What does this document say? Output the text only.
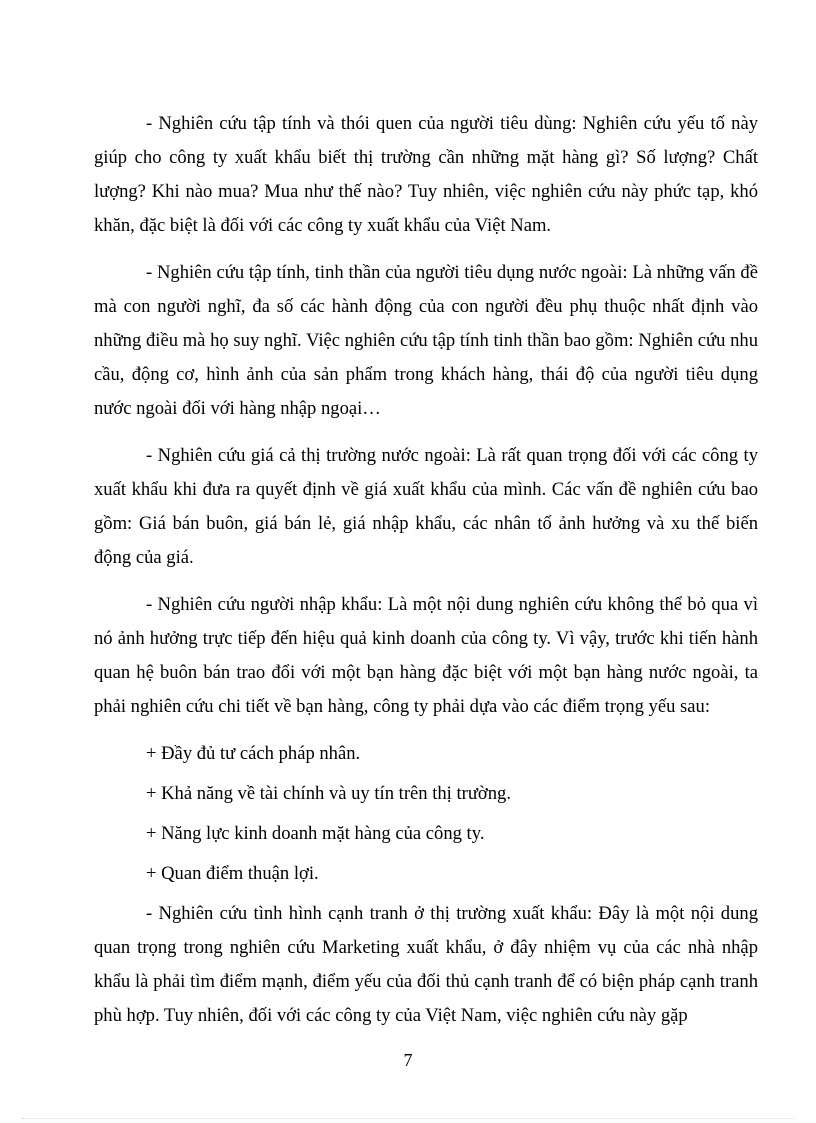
- Nghiên cứu tập tính và thói quen của người tiêu dùng: Nghiên cứu yếu tố này giúp cho công ty xuất khẩu biết thị trường cần những mặt hàng gì? Số lượng? Chất lượng? Khi nào mua? Mua như thế nào? Tuy nhiên, việc nghiên cứu này phức tạp, khó khăn, đặc biệt là đối với các công ty xuất khẩu của Việt Nam.

- Nghiên cứu tập tính, tinh thần của người tiêu dụng nước ngoài: Là những vấn đề mà con người nghĩ, đa số các hành động của con người đều phụ thuộc nhất định vào những điều mà họ suy nghĩ. Việc nghiên cứu tập tính tinh thần bao gồm: Nghiên cứu nhu cầu, động cơ, hình ảnh của sản phẩm trong khách hàng, thái độ của người tiêu dụng nước ngoài đối với hàng nhập ngoại…

- Nghiên cứu giá cả thị trường nước ngoài: Là rất quan trọng đối với các công ty xuất khẩu khi đưa ra quyết định về giá xuất khẩu của mình. Các vấn đề nghiên cứu bao gồm: Giá bán buôn, giá bán lẻ, giá nhập khẩu, các nhân tố ảnh hưởng và xu thế biến động của giá.

- Nghiên cứu người nhập khẩu: Là một nội dung nghiên cứu không thể bỏ qua vì nó ảnh hưởng trực tiếp đến hiệu quả kinh doanh của công ty. Vì vậy, trước khi tiến hành quan hệ buôn bán trao đổi với một bạn hàng đặc biệt với một bạn hàng nước ngoài, ta phải nghiên cứu chi tiết về bạn hàng, công ty phải dựa vào các điểm trọng yếu sau:

+ Đầy đủ tư cách pháp nhân.

+ Khả năng về tài chính và uy tín trên thị trường.

+ Năng lực kinh doanh mặt hàng của công ty.

+ Quan điểm thuận lợi.

- Nghiên cứu tình hình cạnh tranh ở thị trường xuất khẩu: Đây là một nội dung quan trọng trong nghiên cứu Marketing xuất khẩu, ở đây nhiệm vụ của các nhà nhập khẩu là phải tìm điểm mạnh, điểm yếu của đối thủ cạnh tranh để có biện pháp cạnh tranh phù hợp. Tuy nhiên, đối với các công ty của Việt Nam, việc nghiên cứu này gặp

7
